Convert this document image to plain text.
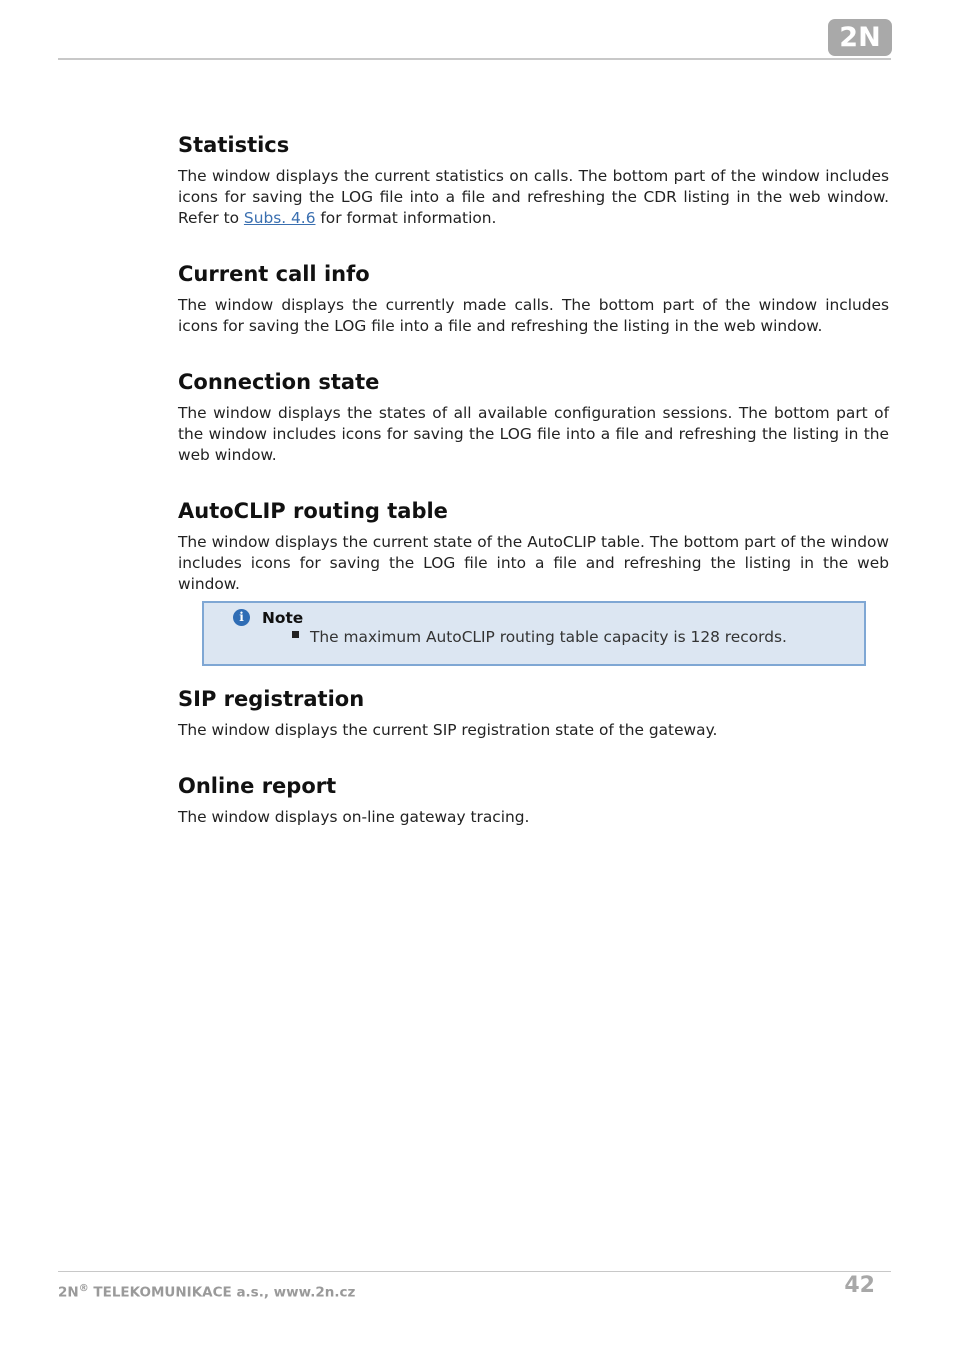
2N
Statistics

The window displays the current statistics on calls. The bottom part of the window includes icons for saving the LOG file into a file and refreshing the CDR listing in the web window. Refer to Subs. 4.6 for format information.

Current call info

The window displays the currently made calls. The bottom part of the window includes icons for saving the LOG file into a file and refreshing the listing in the web window.

Connection state

The window displays the states of all available configuration sessions. The bottom part of the window includes icons for saving the LOG file into a file and refreshing the listing in the web window.

AutoCLIP routing table

The window displays the current state of the AutoCLIP table. The bottom part of the window includes icons for saving the LOG file into a file and refreshing the listing in the web window.

i	Note
The maximum AutoCLIP routing table capacity is 128 records.
SIP registration

The window displays the current SIP registration state of the gateway.

Online report

The window displays on-line gateway tracing.

2N® TELEKOMUNIKACE a.s., www.2n.cz	42
